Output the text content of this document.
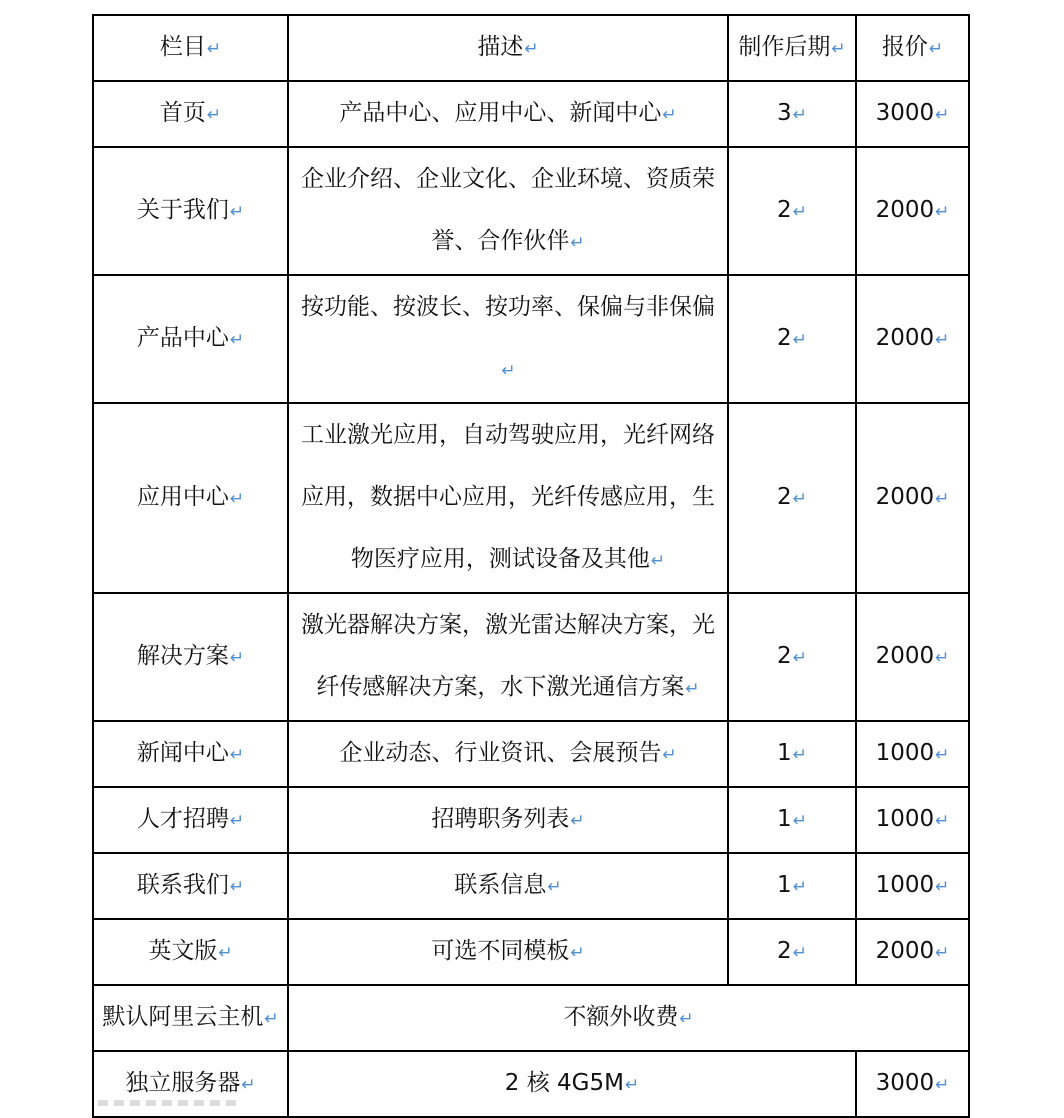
栏目↵	描述↵	制作后期↵	报价↵
首页↵	产品中心、应用中心、新闻中心↵	3↵	3000↵
关于我们↵	企业介绍、企业文化、企业环境、资质荣誉、合作伙伴↵	2↵	2000↵
产品中心↵	按功能、按波长、按功率、保偏与非保偏↵	2↵	2000↵
应用中心↵	工业激光应用，自动驾驶应用，光纤网络应用，数据中心应用，光纤传感应用，生物医疗应用，测试设备及其他↵	2↵	2000↵
解决方案↵	激光器解决方案，激光雷达解决方案，光纤传感解决方案，水下激光通信方案↵	2↵	2000↵
新闻中心↵	企业动态、行业资讯、会展预告↵	1↵	1000↵
人才招聘↵	招聘职务列表↵	1↵	1000↵
联系我们↵	联系信息↵	1↵	1000↵
英文版↵	可选不同模板↵	2↵	2000↵
默认阿里云主机↵	不额外收费↵		
独立服务器↵	2 核 4G5M↵		3000↵
